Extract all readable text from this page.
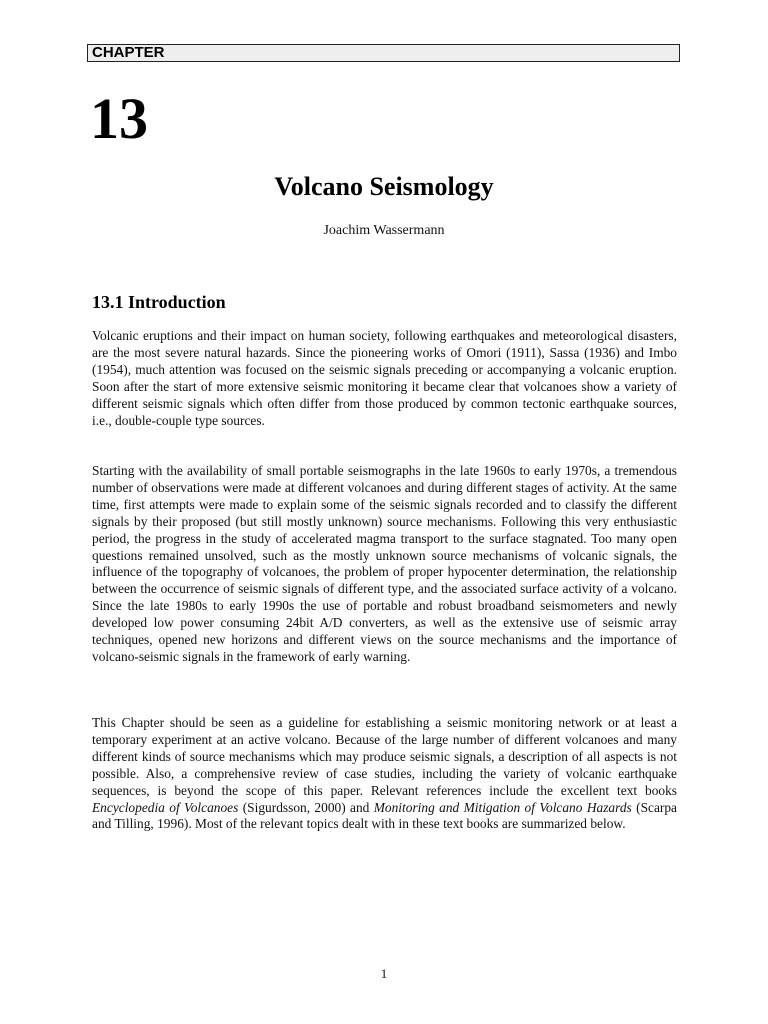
CHAPTER
13
Volcano Seismology
Joachim Wassermann
13.1 Introduction

Volcanic eruptions and their impact on human society, following earthquakes and meteorological disasters, are the most severe natural hazards. Since the pioneering works of Omori (1911), Sassa (1936) and Imbo (1954), much attention was focused on the seismic signals preceding or accompanying a volcanic eruption. Soon after the start of more extensive seismic monitoring it became clear that volcanoes show a variety of different seismic signals which often differ from those produced by common tectonic earthquake sources, i.e., double-couple type sources.

Starting with the availability of small portable seismographs in the late 1960s to early 1970s, a tremendous number of observations were made at different volcanoes and during different stages of activity. At the same time, first attempts were made to explain some of the seismic signals recorded and to classify the different signals by their proposed (but still mostly unknown) source mechanisms. Following this very enthusiastic period, the progress in the study of accelerated magma transport to the surface stagnated. Too many open questions remained unsolved, such as the mostly unknown source mechanisms of volcanic signals, the influence of the topography of volcanoes, the problem of proper hypocenter determination, the relationship between the occurrence of seismic signals of different type, and the associated surface activity of a volcano. Since the late 1980s to early 1990s the use of portable and robust broadband seismometers and newly developed low power consuming 24bit A/D converters, as well as the extensive use of seismic array techniques, opened new horizons and different views on the source mechanisms and the importance of volcano-seismic signals in the framework of early warning.

This Chapter should be seen as a guideline for establishing a seismic monitoring network or at least a temporary experiment at an active volcano. Because of the large number of different volcanoes and many different kinds of source mechanisms which may produce seismic signals, a description of all aspects is not possible. Also, a comprehensive review of case studies, including the variety of volcanic earthquake sequences, is beyond the scope of this paper. Relevant references include the excellent text books Encyclopedia of Volcanoes (Sigurdsson, 2000) and Monitoring and Mitigation of Volcano Hazards (Scarpa and Tilling, 1996). Most of the relevant topics dealt with in these text books are summarized below.

1
